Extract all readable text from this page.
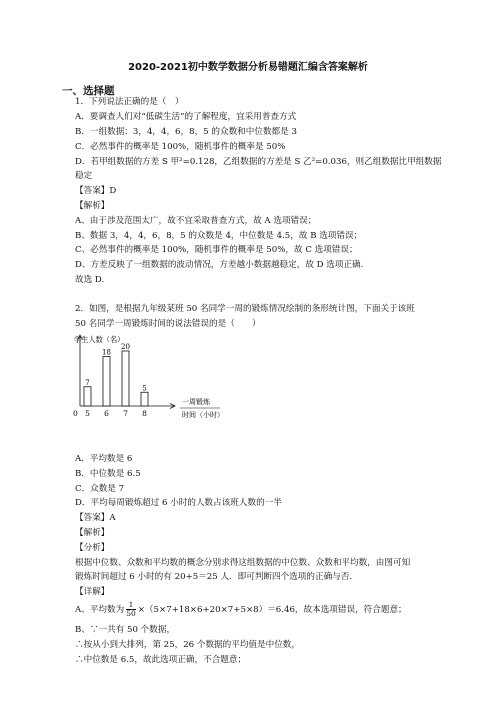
2020-2021初中数学数据分析易错题汇编含答案解析
一、选择题
1．下列说法正确的是（　）
A．要调查人们对“低碳生活”的了解程度，宜采用普查方式
B．一组数据：3，4，4，6，8，5 的众数和中位数都是 3
C．必然事件的概率是 100%，随机事件的概率是 50%
D．若甲组数据的方差 S 甲²=0.128，乙组数据的方差是 S 乙²=0.036，则乙组数据比甲组数据
稳定
【答案】D
【解析】
A、由于涉及范围太广，故不宜采取普查方式，故 A 选项错误；
B、数据 3，4，4，6，8，5 的众数是 4，中位数是 4.5，故 B 选项错误；
C、必然事件的概率是 100%，随机事件的概率是 50%，故 C 选项错误；
D、方差反映了一组数据的波动情况，方差越小数据越稳定，故 D 选项正确.
故选 D.
2．如图，是根据九年级某班 50 名同学一周的锻炼情况绘制的条形统计图，下面关于该班
50 名同学一周锻炼时间的说法错误的是（　　）
学生人数（名）
0
一周锻炼
时间（小时）
7
5
18
6
20
7
5
8
A．平均数是 6
B．中位数是 6.5
C．众数是 7
D．平均每周锻炼超过 6 小时的人数占该班人数的一半
【答案】A
【解析】
【分析】
根据中位数、众数和平均数的概念分别求得这组数据的中位数、众数和平均数，由图可知
锻炼时间超过 6 小时的有 20+5＝25 人．即可判断四个选项的正确与否.
【详解】
A、平均数为 $\frac{1}{50} \times(5\times 7+18\times 6+20\times 7+5\times 8)=6.46$，故本选项错误，符合题意；
B、∵一共有 50 个数据，
∴按从小到大排列，第 25，26 个数据的平均值是中位数，
∴中位数是 6.5，故此选项正确，不合题意；
